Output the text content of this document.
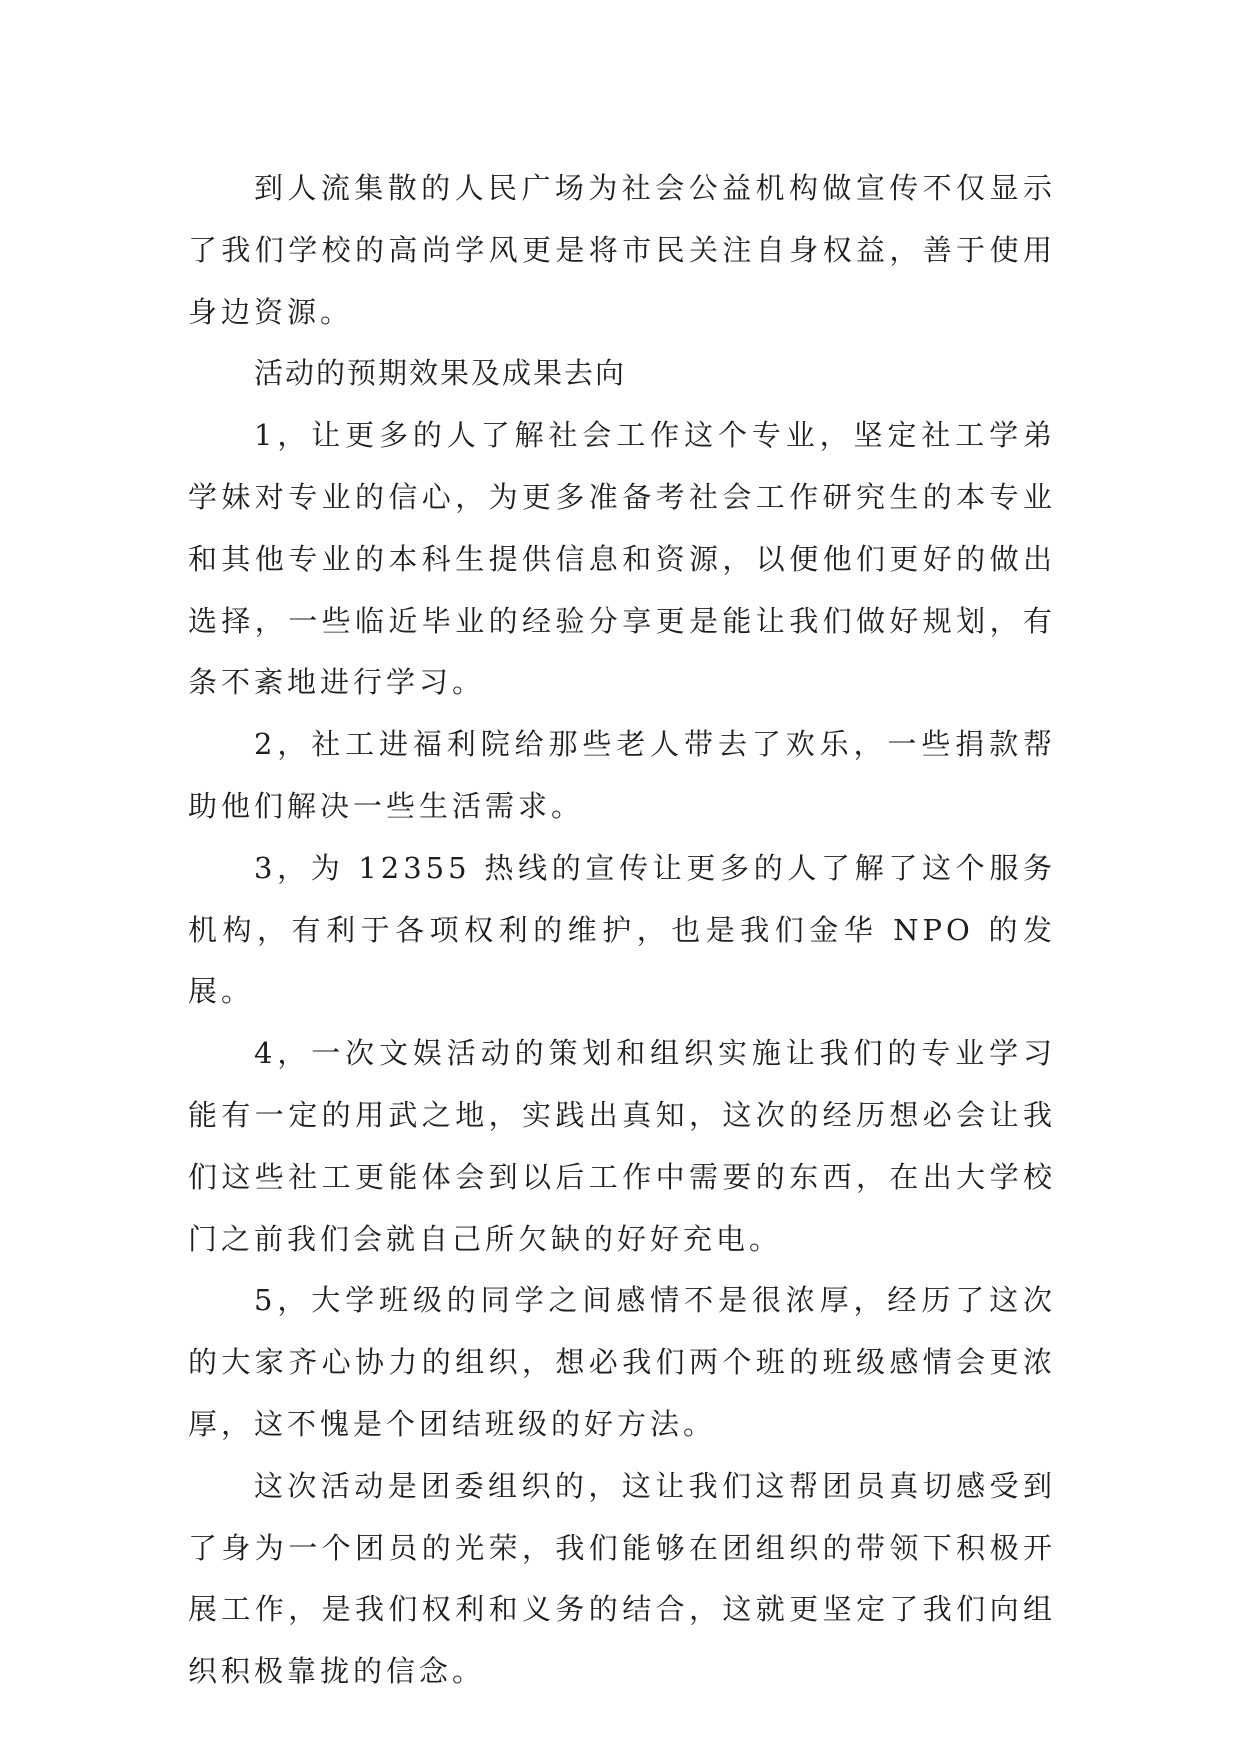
到人流集散的人民广场为社会公益机构做宣传不仅显示了我们学校的高尚学风更是将市民关注自身权益，善于使用身边资源。

活动的预期效果及成果去向

1，让更多的人了解社会工作这个专业，坚定社工学弟学妹对专业的信心，为更多准备考社会工作研究生的本专业和其他专业的本科生提供信息和资源，以便他们更好的做出选择，一些临近毕业的经验分享更是能让我们做好规划，有条不紊地进行学习。

2，社工进福利院给那些老人带去了欢乐，一些捐款帮助他们解决一些生活需求。

3，为 12355 热线的宣传让更多的人了解了这个服务机构，有利于各项权利的维护，也是我们金华 NPO 的发展。

4，一次文娱活动的策划和组织实施让我们的专业学习能有一定的用武之地，实践出真知，这次的经历想必会让我们这些社工更能体会到以后工作中需要的东西，在出大学校门之前我们会就自己所欠缺的好好充电。

5，大学班级的同学之间感情不是很浓厚，经历了这次的大家齐心协力的组织，想必我们两个班的班级感情会更浓厚，这不愧是个团结班级的好方法。

这次活动是团委组织的，这让我们这帮团员真切感受到了身为一个团员的光荣，我们能够在团组织的带领下积极开展工作，是我们权利和义务的结合，这就更坚定了我们向组织积极靠拢的信念。
